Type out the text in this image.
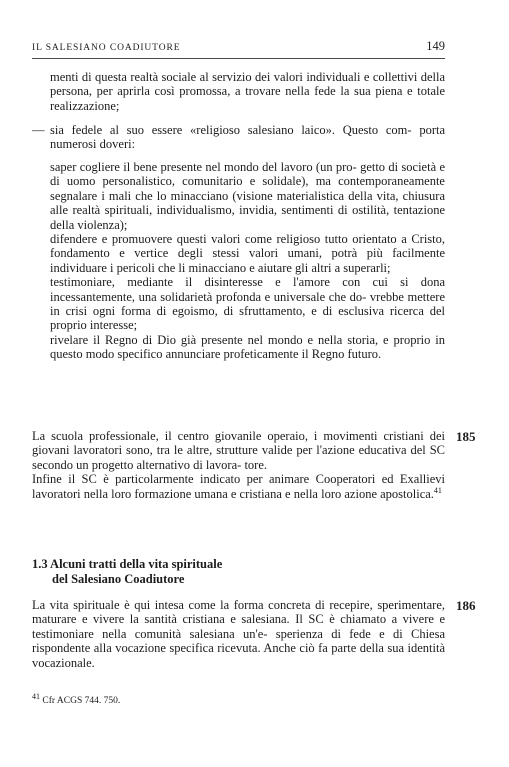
IL SALESIANO COADIUTORE	149
menti di questa realtà sociale al servizio dei valori individuali e collettivi della persona, per aprirla così promossa, a trovare nella fede la sua piena e totale realizzazione;
— sia fedele al suo essere «religioso salesiano laico». Questo com- porta numerosi doveri:

saper cogliere il bene presente nel mondo del lavoro (un pro- getto di società e di uomo personalistico, comunitario e solidale), ma contemporaneamente segnalare i mali che lo minacciano (visione materialistica della vita, chiusura alle realtà spirituali, individualismo, invidia, sentimenti di ostilità, tentazione della violenza);

difendere e promuovere questi valori come religioso tutto orientato a Cristo, fondamento e vertice degli stessi valori umani, potrà più facilmente individuare i pericoli che li minacciano e aiutare gli altri a superarli;

testimoniare, mediante il disinteresse e l'amore con cui si dona incessantemente, una solidarietà profonda e universale che do- vrebbe mettere in crisi ogni forma di egoismo, di sfruttamento, e di esclusiva ricerca del proprio interesse;

rivelare il Regno di Dio già presente nel mondo e nella storia, e proprio in questo modo specifico annunciare profeticamente il Regno futuro.

La scuola professionale, il centro giovanile operaio, i movimenti cristiani dei giovani lavoratori sono, tra le altre, strutture valide per l'azione educativa del SC secondo un progetto alternativo di lavora- tore.

Infine il SC è particolarmente indicato per animare Cooperatori ed Exallievi lavoratori nella loro formazione umana e cristiana e nella loro azione apostolica.$^{41}$

185
1.3 Alcuni tratti della vita spirituale
del Salesiano Coadiutore
La vita spirituale è qui intesa come la forma concreta di recepire, sperimentare, maturare e vivere la santità cristiana e salesiana. Il SC è chiamato a vivere e testimoniare nella comunità salesiana un'e- sperienza di fede e di Chiesa rispondente alla vocazione specifica ricevuta. Anche ciò fa parte della sua identità vocazionale.
186
$^{41}$ Cfr ACGS 744. 750.
